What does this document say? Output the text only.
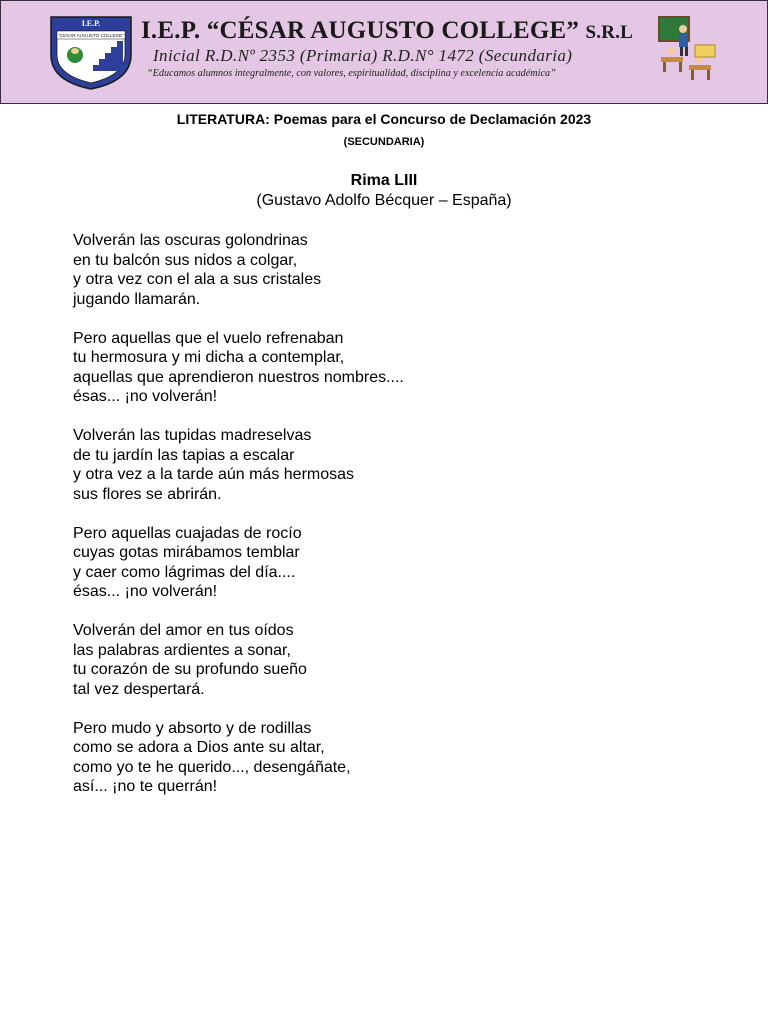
I.E.P.
“CESAR AUGUSTO COLLEGE” I.E.P. “CÉSAR AUGUSTO COLLEGE” S.R.L
Inicial R.D.Nº 2353 (Primaria) R.D.N° 1472 (Secundaria)
“Educamos alumnos integralmente, con valores, espiritualidad, disciplina y excelencia académica”
LITERATURA: Poemas para el Concurso de Declamación 2023
(SECUNDARIA)
Rima LIII
(Gustavo Adolfo Bécquer – España)
Volverán las oscuras golondrinas
en tu balcón sus nidos a colgar,
y otra vez con el ala a sus cristales
jugando llamarán.
Pero aquellas que el vuelo refrenaban
tu hermosura y mi dicha a contemplar,
aquellas que aprendieron nuestros nombres....
ésas... ¡no volverán!
Volverán las tupidas madreselvas
de tu jardín las tapias a escalar
y otra vez a la tarde aún más hermosas
sus flores se abrirán.
Pero aquellas cuajadas de rocío
cuyas gotas mirábamos temblar
y caer como lágrimas del día....
ésas... ¡no volverán!
Volverán del amor en tus oídos
las palabras ardientes a sonar,
tu corazón de su profundo sueño
tal vez despertará.
Pero mudo y absorto y de rodillas
como se adora a Dios ante su altar,
como yo te he querido..., desengáñate,
así... ¡no te querrán!
